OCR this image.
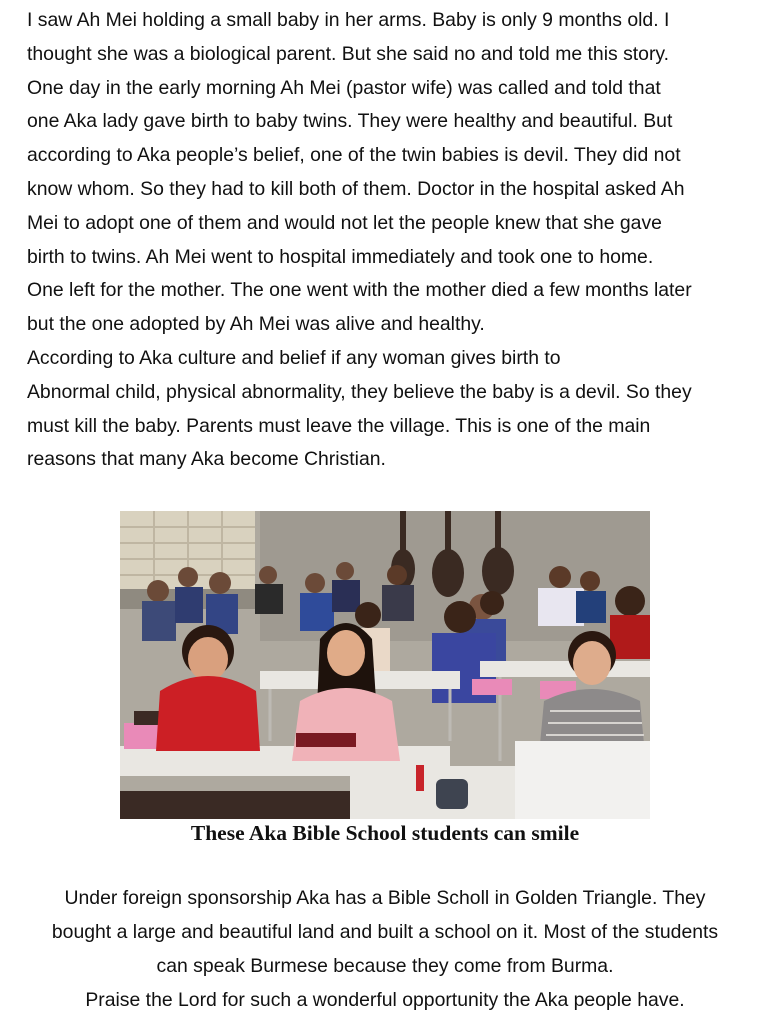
I saw Ah Mei holding a small baby in her arms. Baby is only 9 months old. I
thought she was a biological parent. But she said no and told me this story.
One day in the early morning Ah Mei (pastor wife) was called and told that
one Aka lady gave birth to baby twins. They were healthy and beautiful. But
according to Aka people’s belief, one of the twin babies is devil. They did not
know whom. So they had to kill both of them. Doctor in the hospital asked Ah
Mei to adopt one of them and would not let the people knew that she gave
birth to twins. Ah Mei went to hospital immediately and took one to home.
One left for the mother. The one went with the mother died a few months later
but the one adopted by Ah Mei was alive and healthy.
According to Aka culture and belief if any woman gives birth to
Abnormal child, physical abnormality, they believe the baby is a devil. So they
must kill the baby. Parents must leave the village. This is one of the main
reasons that many Aka become Christian.
These Aka Bible School students can smile
Under foreign sponsorship Aka has a Bible Scholl in Golden Triangle. They
bought a large and beautiful land and built a school on it. Most of the students
can speak Burmese because they come from Burma.
Praise the Lord for such a wonderful opportunity the Aka people have.
